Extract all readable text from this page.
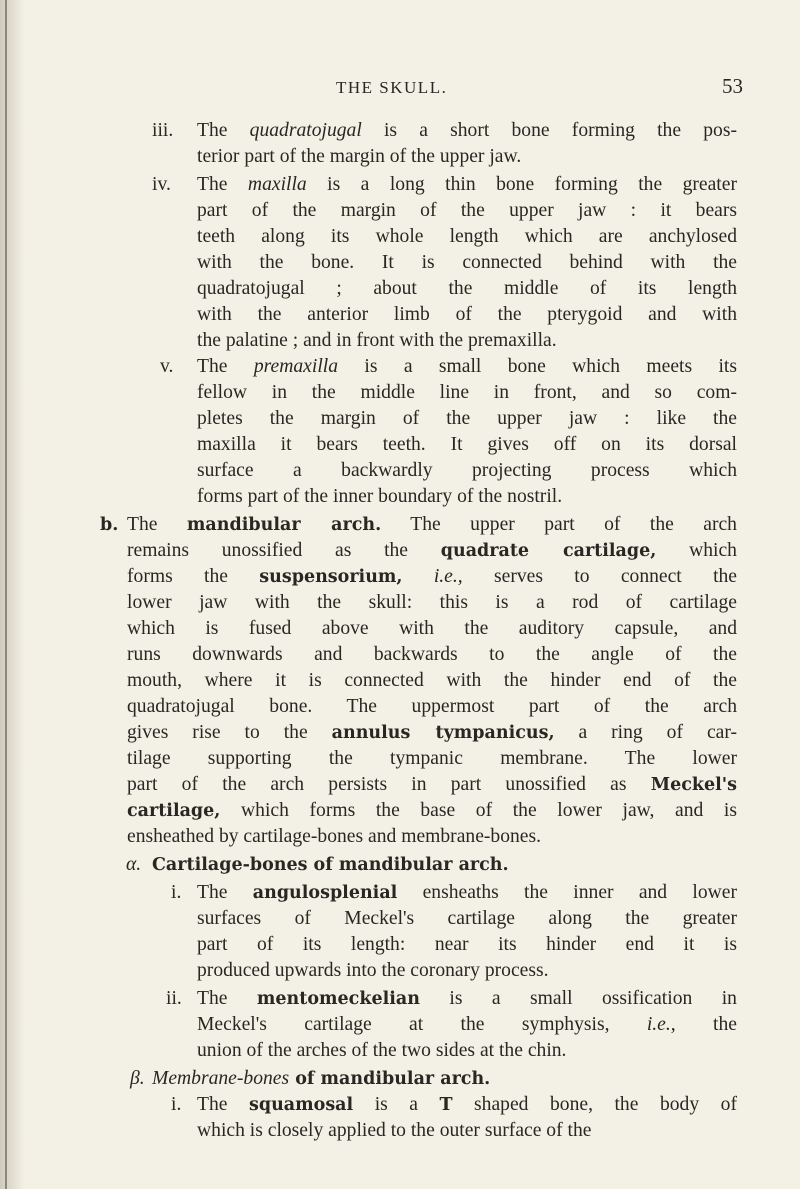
THE SKULL.	53
iii. The quadratojugal is a short bone forming the pos-
terior part of the margin of the upper jaw.
iv. The maxilla is a long thin bone forming the greater
part of the margin of the upper jaw : it bears
teeth along its whole length which are anchylosed
with the bone. It is connected behind with the
quadratojugal ; about the middle of its length
with the anterior limb of the pterygoid and with
the palatine ; and in front with the premaxilla.
v. The premaxilla is a small bone which meets its
fellow in the middle line in front, and so com-
pletes the margin of the upper jaw : like the
maxilla it bears teeth. It gives off on its dorsal
surface a backwardly projecting process which
forms part of the inner boundary of the nostril.
b. The mandibular arch. The upper part of the arch
remains unossified as the quadrate cartilage, which
forms the suspensorium, i.e., serves to connect the
lower jaw with the skull: this is a rod of cartilage
which is fused above with the auditory capsule, and
runs downwards and backwards to the angle of the
mouth, where it is connected with the hinder end of the
quadratojugal bone. The uppermost part of the arch
gives rise to the annulus tympanicus, a ring of car-
tilage supporting the tympanic membrane. The lower
part of the arch persists in part unossified as Meckel's
cartilage, which forms the base of the lower jaw, and is
ensheathed by cartilage-bones and membrane-bones.
α. Cartilage-bones of mandibular arch.
i. The angulosplenial ensheaths the inner and lower
surfaces of Meckel's cartilage along the greater
part of its length: near its hinder end it is
produced upwards into the coronary process.
ii. The mentomeckelian is a small ossification in
Meckel's cartilage at the symphysis, i.e., the
union of the arches of the two sides at the chin.
β. Membrane-bones of mandibular arch.
i. The squamosal is a T shaped bone, the body of
which is closely applied to the outer surface of the
